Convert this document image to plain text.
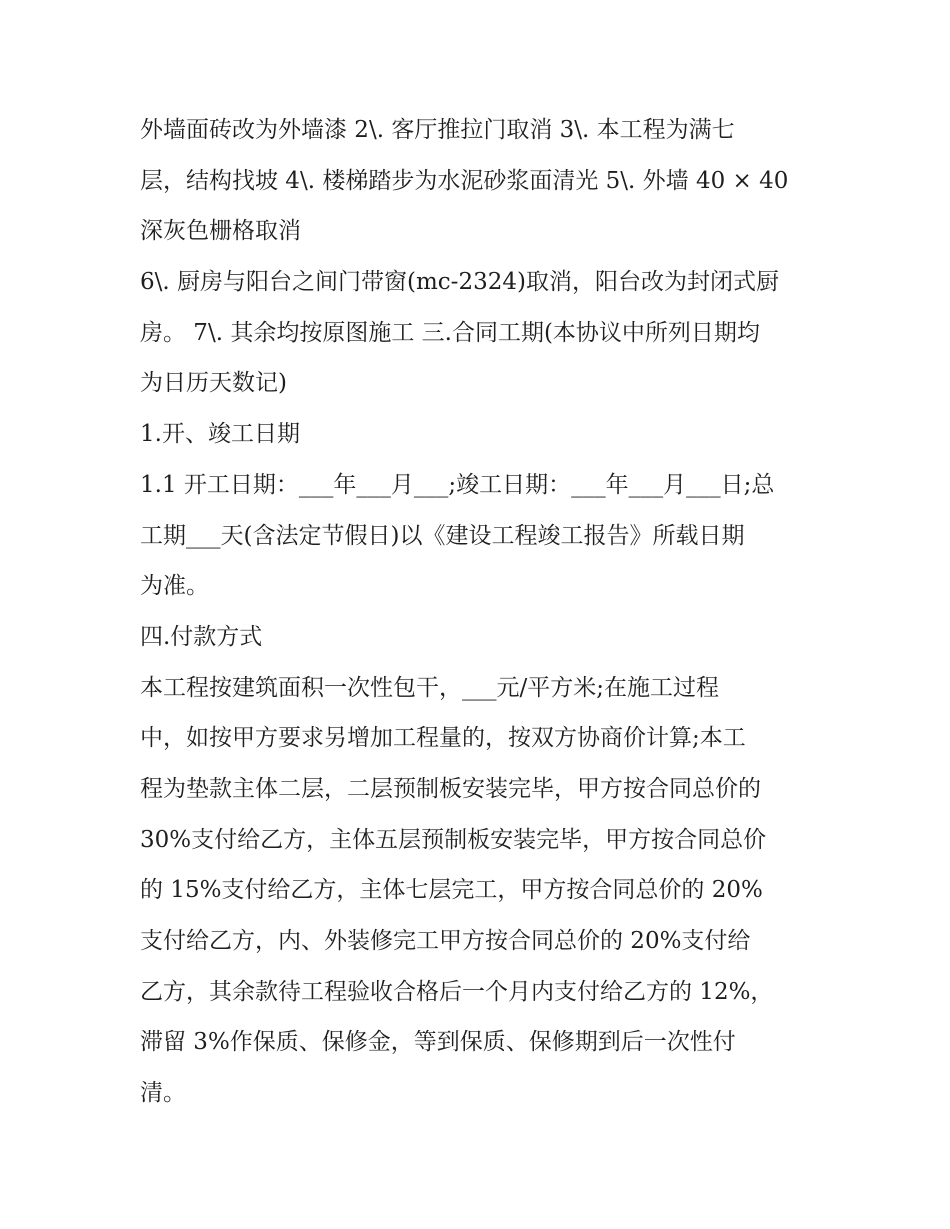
外墙面砖改为外墙漆 2\. 客厅推拉门取消 3\. 本工程为满七
层，结构找坡 4\. 楼梯踏步为水泥砂浆面清光 5\. 外墙 40 × 40
深灰色栅格取消
6\. 厨房与阳台之间门带窗(mc-2324)取消，阳台改为封闭式厨
房。 7\. 其余均按原图施工 三.合同工期(本协议中所列日期均
为日历天数记)
1.开、竣工日期
1.1 开工日期：___年___月___;竣工日期：___年___月___日;总
工期___天(含法定节假日)以《建设工程竣工报告》所载日期
为准。
四.付款方式
本工程按建筑面积一次性包干，___元/平方米;在施工过程
中，如按甲方要求另增加工程量的，按双方协商价计算;本工
程为垫款主体二层，二层预制板安装完毕，甲方按合同总价的
30%支付给乙方，主体五层预制板安装完毕，甲方按合同总价
的 15%支付给乙方，主体七层完工，甲方按合同总价的 20%
支付给乙方，内、外装修完工甲方按合同总价的 20%支付给
乙方，其余款待工程验收合格后一个月内支付给乙方的 12%，
滞留 3%作保质、保修金，等到保质、保修期到后一次性付
清。
